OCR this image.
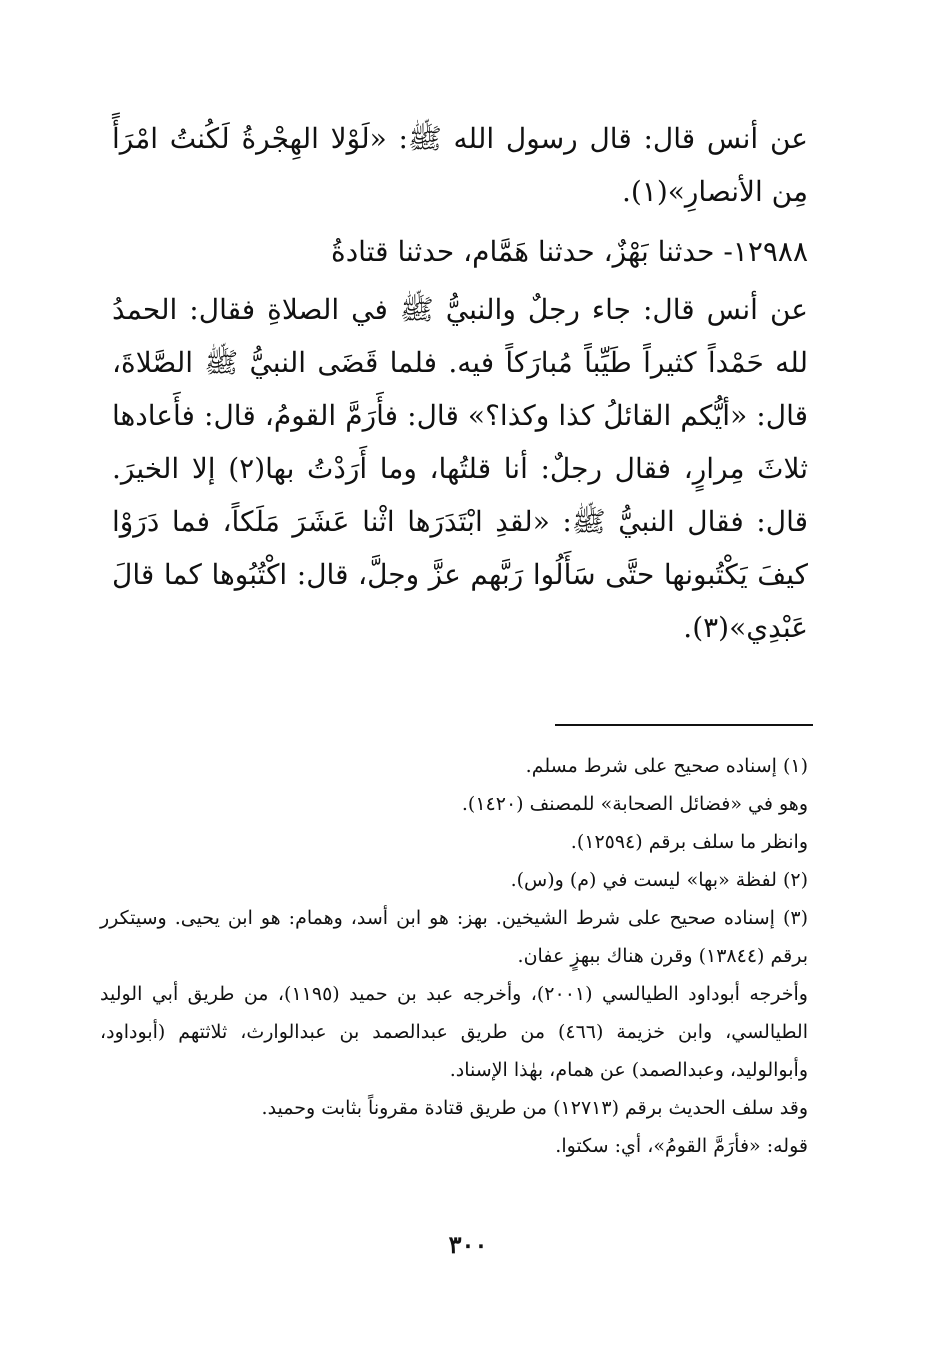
عن أنس قال: قال رسول الله ﷺ: «لَوْلا الهِجْرةُ لَكُنتُ امْرَأً مِن الأنصارِ»(١).

١٢٩٨٨- حدثنا بَهْزٌ، حدثنا هَمَّام، حدثنا قتادةُ

عن أنس قال: جاء رجلٌ والنبيُّ ﷺ في الصلاةِ فقال: الحمدُ لله حَمْداً كثيراً طَيِّباً مُبارَكاً فيه. فلما قَضَى النبيُّ ﷺ الصَّلاةَ، قال: «أيُّكم القائلُ كذا وكذا؟» قال: فأَرَمَّ القومُ، قال: فأَعادها ثلاثَ مِرارٍ، فقال رجلٌ: أنا قلتُها، وما أَرَدْتُ بها(٢) إلا الخيرَ. قال: فقال النبيُّ ﷺ: «لقدِ ابْتَدَرَها اثْنا عَشَرَ مَلَكاً، فما دَرَوْا كيفَ يَكْتُبونها حتَّى سَأَلُوا رَبَّهم عزَّ وجلَّ، قال: اكْتُبُوها كما قالَ عَبْدِي»(٣).

(١) إسناده صحيح على شرط مسلم.

وهو في «فضائل الصحابة» للمصنف (١٤٢٠).

وانظر ما سلف برقم (١٢٥٩٤).

(٢) لفظة «بها» ليست في (م) و(س).

(٣) إسناده صحيح على شرط الشيخين. بهز: هو ابن أسد، وهمام: هو ابن يحيى. وسيتكرر برقم (١٣٨٤٤) وقرن هناك ببهزٍ عفان.

وأخرجه أبوداود الطيالسي (٢٠٠١)، وأخرجه عبد بن حميد (١١٩٥)، من طريق أبي الوليد الطيالسي، وابن خزيمة (٤٦٦) من طريق عبدالصمد بن عبدالوارث، ثلاثتهم (أبوداود، وأبوالوليد، وعبدالصمد) عن همام، بهٰذا الإسناد.

وقد سلف الحديث برقم (١٢٧١٣) من طريق قتادة مقروناً بثابت وحميد.

قوله: «فأرَمَّ القومُ»، أي: سكتوا.

٣٠٠
